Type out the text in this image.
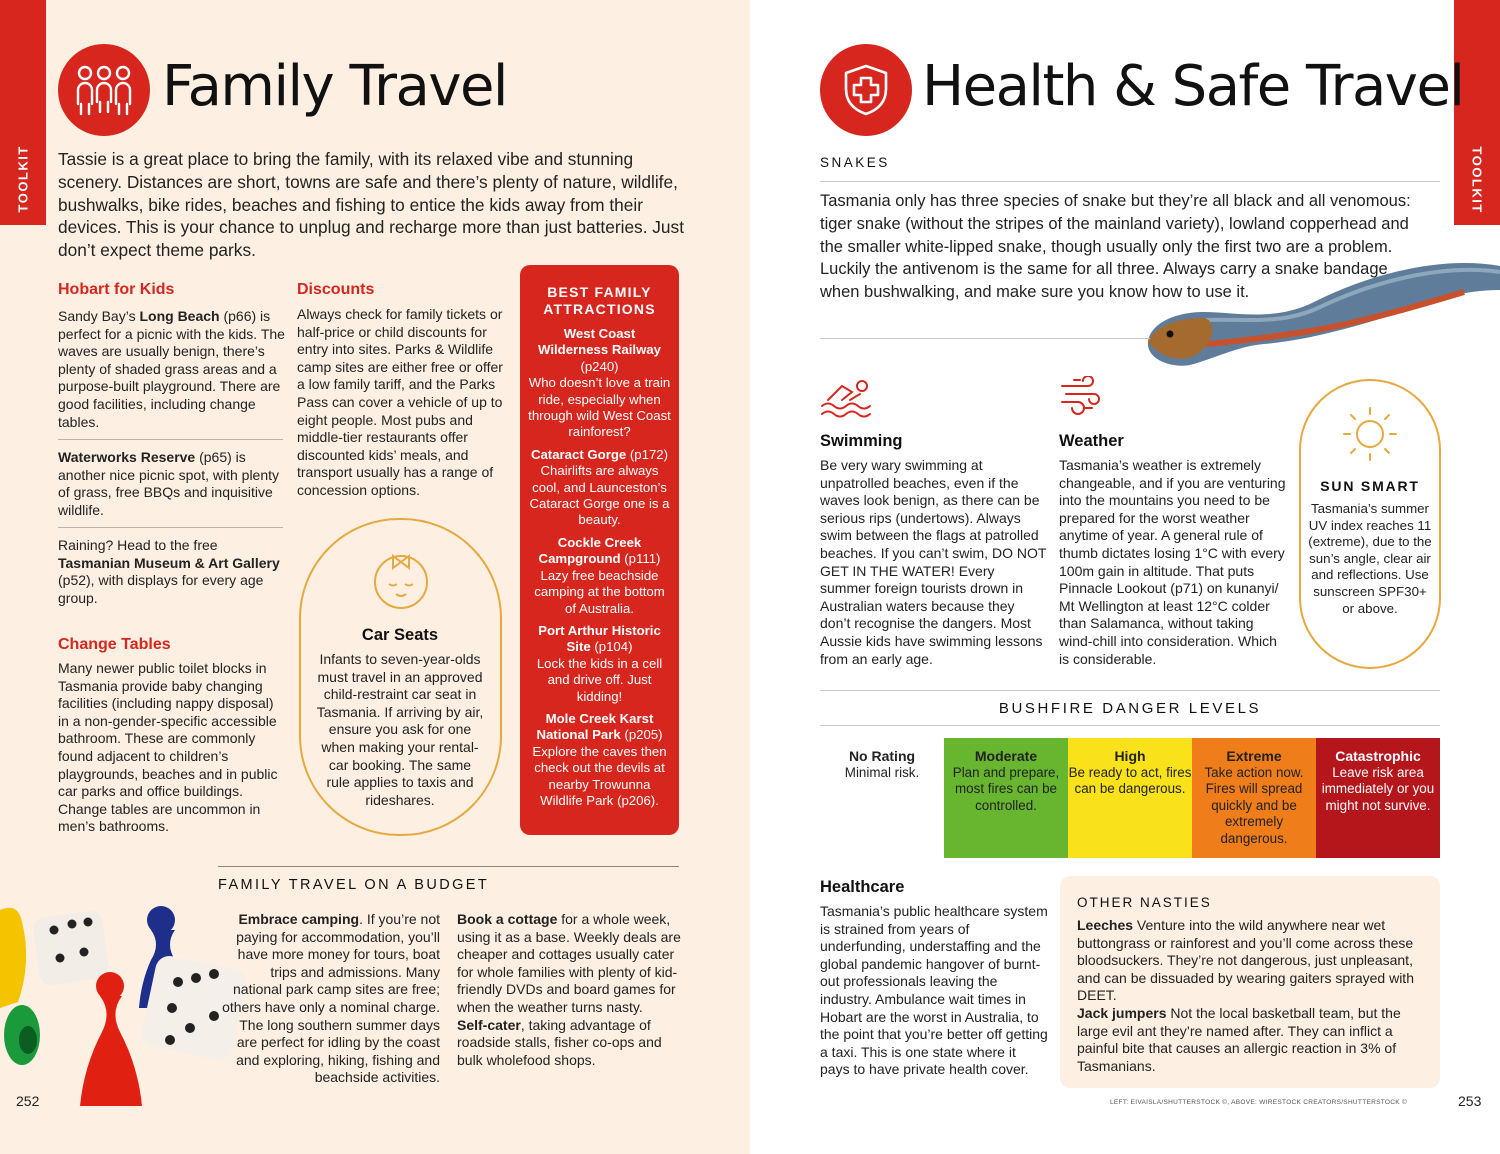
TOOLKIT
Family Travel
Tassie is a great place to bring the family, with its relaxed vibe and stunning scenery. Distances are short, towns are safe and there’s plenty of nature, wildlife, bushwalks, bike rides, beaches and fishing to entice the kids away from their devices. This is your chance to unplug and recharge more than just batteries. Just don’t expect theme parks.
Hobart for Kids
Sandy Bay’s Long Beach (p66) is perfect for a picnic with the kids. The waves are usually benign, there’s plenty of shaded grass areas and a purpose-built playground. There are good facilities, including change tables.
Waterworks Reserve (p65) is another nice picnic spot, with plenty of grass, free BBQs and inquisitive wildlife.
Raining? Head to the free Tasmanian Museum & Art Gallery (p52), with displays for every age group.
Change Tables
Many newer public toilet blocks in Tasmania provide baby changing facilities (including nappy disposal) in a non-gender-specific accessible bathroom. These are commonly found adjacent to children’s playgrounds, beaches and in public car parks and office buildings. Change tables are uncommon in men’s bathrooms.
Discounts
Always check for family tickets or half-price or child discounts for entry into sites. Parks & Wildlife camp sites are either free or offer a low family tariff, and the Parks Pass can cover a vehicle of up to eight people. Most pubs and middle-tier restaurants offer discounted kids’ meals, and transport usually has a range of concession options.
Car Seats
Infants to seven-year-olds must travel in an approved child-restraint car seat in Tasmania. If arriving by air, ensure you ask for one when making your rental-car booking. The same rule applies to taxis and rideshares.
BEST FAMILY ATTRACTIONS
West Coast Wilderness Railway (p240)
Who doesn’t love a train ride, especially when through wild West Coast rainforest?
Cataract Gorge (p172)
Chairlifts are always cool, and Launceston’s Cataract Gorge one is a beauty.
Cockle Creek Campground (p111)
Lazy free beachside camping at the bottom of Australia.
Port Arthur Historic Site (p104)
Lock the kids in a cell and drive off. Just kidding!
Mole Creek Karst National Park (p205)
Explore the caves then check out the devils at nearby Trowunna Wildlife Park (p206).
FAMILY TRAVEL ON A BUDGET
Embrace camping. If you’re not paying for accommodation, you’ll have more money for tours, boat trips and admissions. Many national park camp sites are free; others have only a nominal charge. The long southern summer days are perfect for idling by the coast and exploring, hiking, fishing and beachside activities.
Book a cottage for a whole week, using it as a base. Weekly deals are cheaper and cottages usually cater for whole families with plenty of kid-friendly DVDs and board games for when the weather turns nasty.
Self-cater, taking advantage of roadside stalls, fisher co-ops and bulk wholefood shops.
252
TOOLKIT
Health & Safe Travel
SNAKES
Tasmania only has three species of snake but they’re all black and all venomous: tiger snake (without the stripes of the mainland variety), lowland copperhead and the smaller white-lipped snake, though usually only the first two are a problem. Luckily the antivenom is the same for all three. Always carry a snake bandage when bushwalking, and make sure you know how to use it.
Swimming
Be very wary swimming at unpatrolled beaches, even if the waves look benign, as there can be serious rips (undertows). Always swim between the flags at patrolled beaches. If you can’t swim, DO NOT GET IN THE WATER! Every summer foreign tourists drown in Australian waters because they don’t recognise the dangers. Most Aussie kids have swimming lessons from an early age.
Weather
Tasmania’s weather is extremely changeable, and if you are venturing into the mountains you need to be prepared for the worst weather anytime of year. A general rule of thumb dictates losing 1°C with every 100m gain in altitude. That puts Pinnacle Lookout (p71) on kunanyi/ Mt Wellington at least 12°C colder than Salamanca, without taking wind-chill into consideration. Which is considerable.
SUN SMART
Tasmania’s summer UV index reaches 11 (extreme), due to the sun’s angle, clear air and reflections. Use sunscreen SPF30+ or above.
BUSHFIRE DANGER LEVELS
No Rating
Minimal risk.
Moderate
Plan and prepare, most fires can be controlled.
High
Be ready to act, fires can be dangerous.
Extreme
Take action now. Fires will spread quickly and be extremely dangerous.
Catastrophic
Leave risk area immediately or you might not survive.
Healthcare
Tasmania’s public healthcare system is strained from years of underfunding, understaffing and the global pandemic hangover of burnt-out professionals leaving the industry. Ambulance wait times in Hobart are the worst in Australia, to the point that you’re better off getting a taxi. This is one state where it pays to have private health cover.
OTHER NASTIES
Leeches Venture into the wild anywhere near wet buttongrass or rainforest and you’ll come across these bloodsuckers. They’re not dangerous, just unpleasant, and can be dissuaded by wearing gaiters sprayed with DEET.
Jack jumpers Not the local basketball team, but the large evil ant they’re named after. They can inflict a painful bite that causes an allergic reaction in 3% of Tasmanians.
LEFT: EIVAISLA/SHUTTERSTOCK ©, ABOVE: WIRESTOCK CREATORS/SHUTTERSTOCK ©	253
